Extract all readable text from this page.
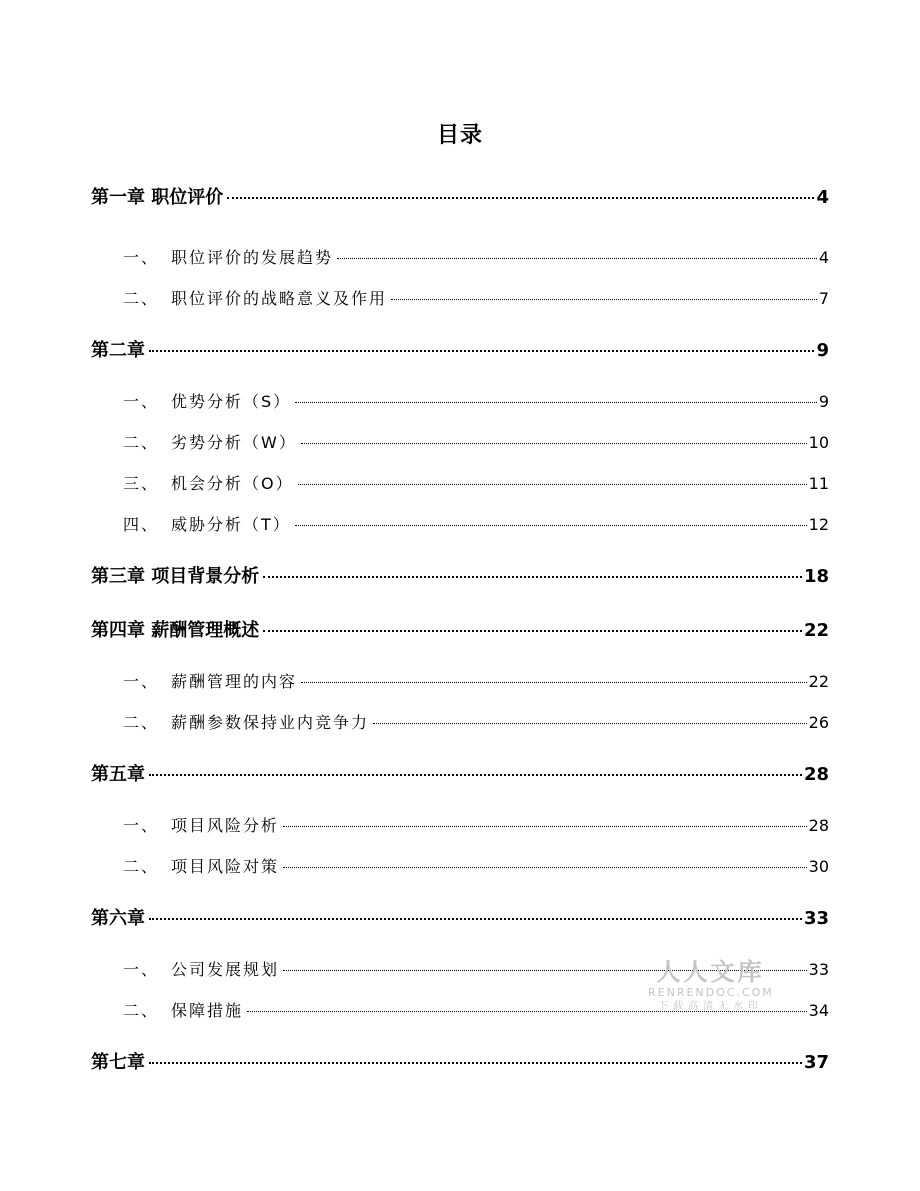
目录
第一章 职位评价	4
一、 职位评价的发展趋势	4
二、 职位评价的战略意义及作用	7
第二章	9
一、 优势分析（S）	9
二、 劣势分析（W）	10
三、 机会分析（O）	11
四、 威胁分析（T）	12
第三章 项目背景分析	18
第四章 薪酬管理概述	22
一、 薪酬管理的内容	22
二、 薪酬参数保持业内竞争力	26
第五章	28
一、 项目风险分析	28
二、 项目风险对策	30
第六章	33
一、 公司发展规划	33
二、 保障措施	34
第七章	37
人人文库
RENRENDOC.COM
下载高清无水印
